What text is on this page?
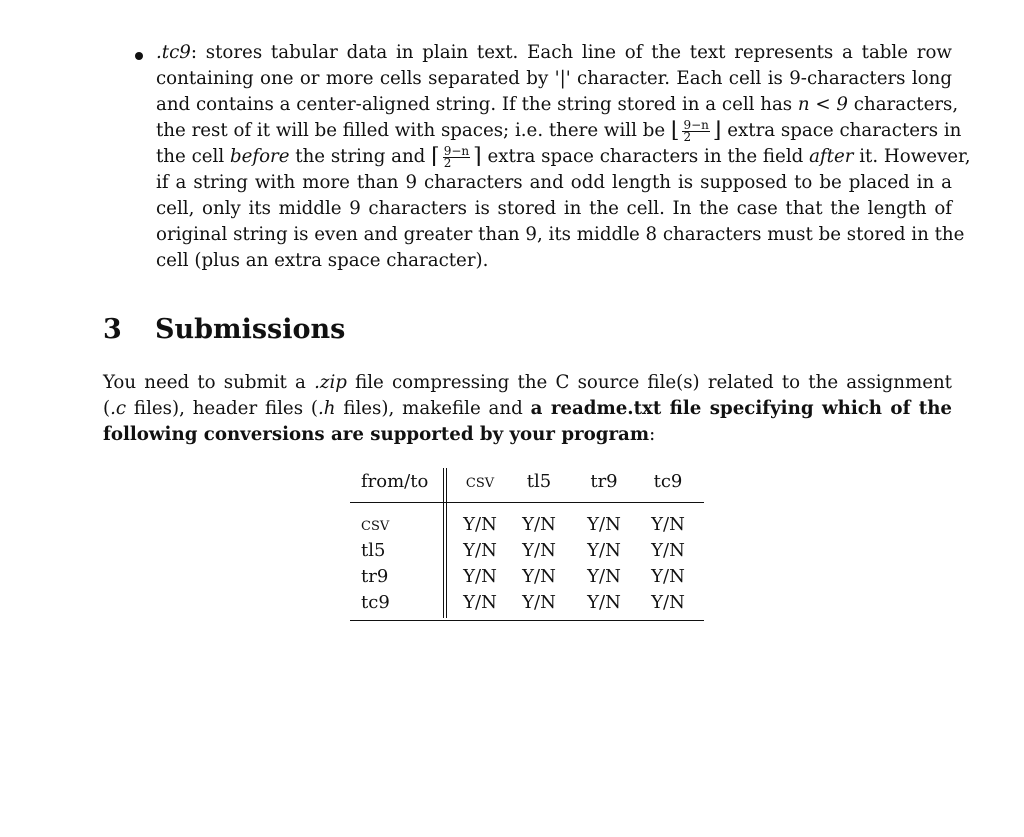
.tc9: stores tabular data in plain text. Each line of the text represents a table row
containing one or more cells separated by '|' character. Each cell is 9-characters long
and contains a center-aligned string. If the string stored in a cell has n < 9 characters,
the rest of it will be filled with spaces; i.e. there will be ⌊ $\frac{9-n}{2}$ ⌋ extra space characters in
the cell before the string and ⌈ $\frac{9-n}{2}$ ⌉ extra space characters in the field after it. However,
if a string with more than 9 characters and odd length is supposed to be placed in a
cell, only its middle 9 characters is stored in the cell. In the case that the length of
original string is even and greater than 9, its middle 8 characters must be stored in the
cell (plus an extra space character).
3 Submissions
You need to submit a .zip file compressing the C source file(s) related to the assignment
(.c files), header files (.h files), makefile and a readme.txt file specifying which of the
following conversions are supported by your program:
from/to	csv	tl5	tr9	tc9
csv	Y/N	Y/N	Y/N	Y/N
tl5	Y/N	Y/N	Y/N	Y/N
tr9	Y/N	Y/N	Y/N	Y/N
tc9	Y/N	Y/N	Y/N	Y/N
